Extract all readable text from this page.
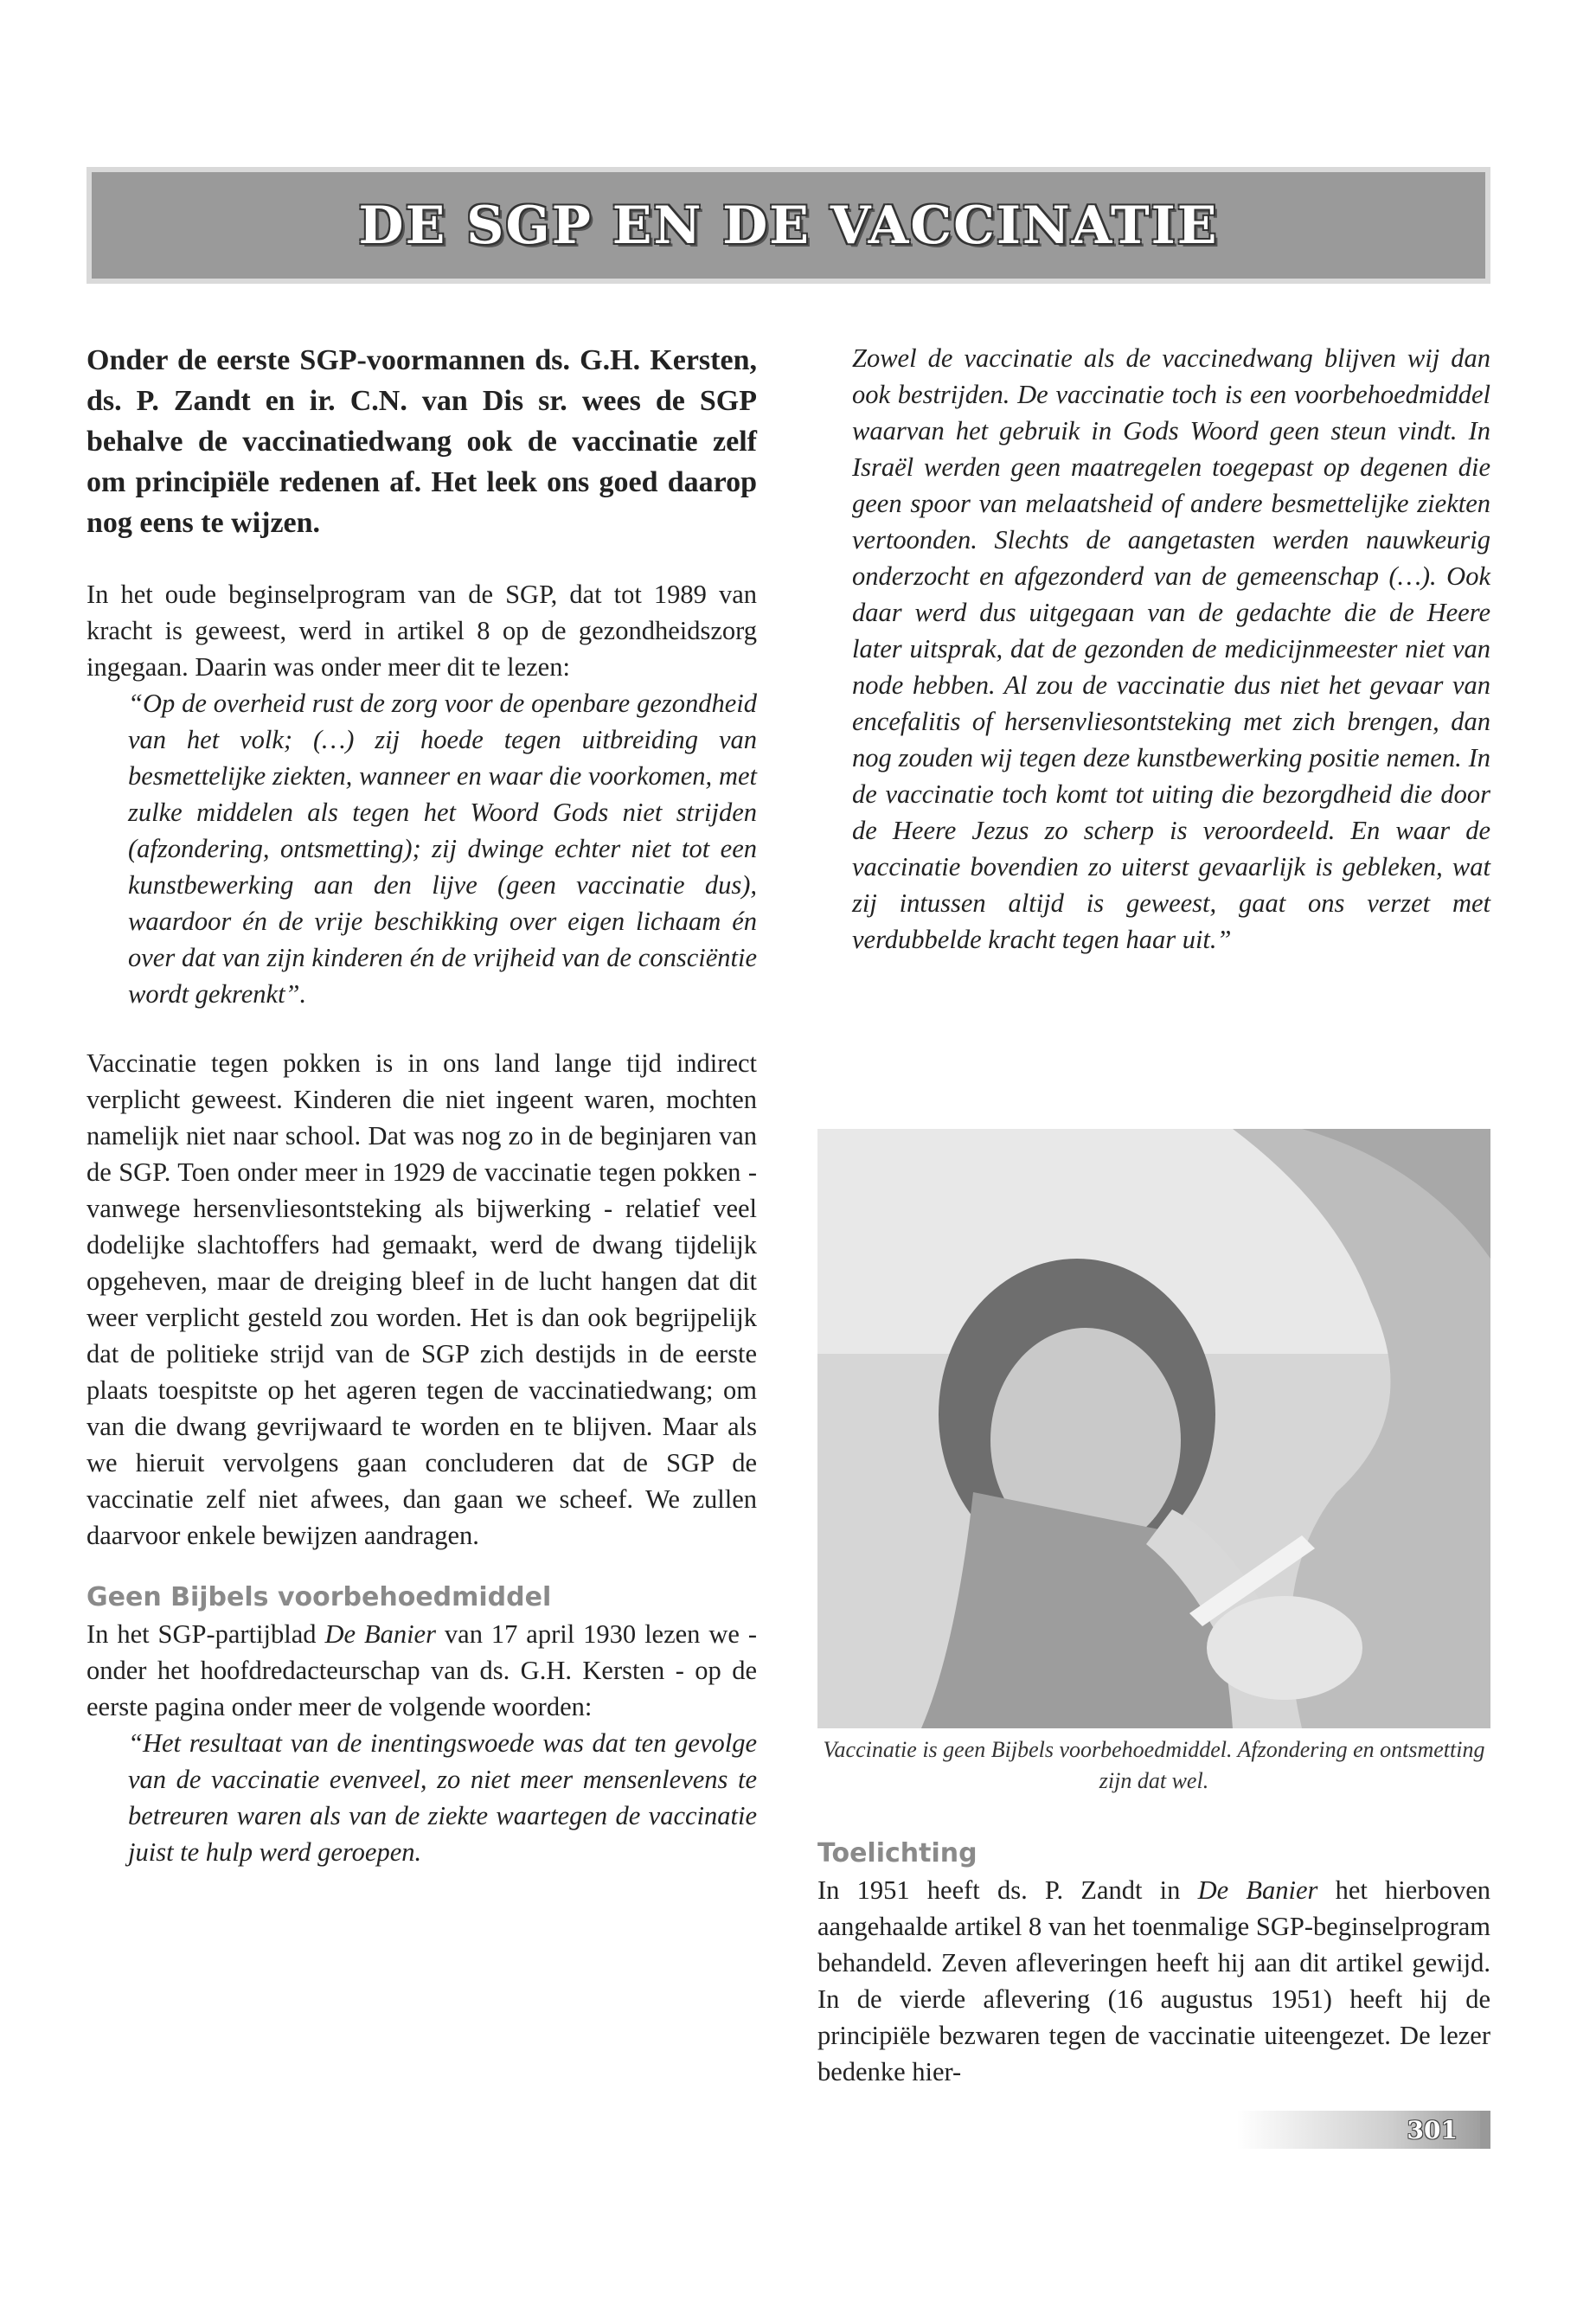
DE SGP EN DE VACCINATIE

Onder de eerste SGP-voormannen ds. G.H. Kersten, ds. P. Zandt en ir. C.N. van Dis sr. wees de SGP behalve de vaccinatiedwang ook de vaccinatie zelf om principiële redenen af. Het leek ons goed daarop nog eens te wijzen.

In het oude beginselprogram van de SGP, dat tot 1989 van kracht is geweest, werd in artikel 8 op de gezondheidszorg ingegaan. Daarin was onder meer dit te lezen:

“Op de overheid rust de zorg voor de openbare gezondheid van het volk; (…) zij hoede tegen uitbreiding van besmettelijke ziekten, wanneer en waar die voorkomen, met zulke middelen als tegen het Woord Gods niet strijden (afzondering, ontsmetting); zij dwinge echter niet tot een kunstbewerking aan den lijve (geen vaccinatie dus), waardoor én de vrije beschikking over eigen lichaam én over dat van zijn kinderen én de vrijheid van de consciëntie wordt gekrenkt”.

Vaccinatie tegen pokken is in ons land lange tijd indirect verplicht geweest. Kinderen die niet ingeent waren, mochten namelijk niet naar school. Dat was nog zo in de beginjaren van de SGP. Toen onder meer in 1929 de vaccinatie tegen pokken - vanwege hersenvliesontsteking als bijwerking - relatief veel dodelijke slachtoffers had gemaakt, werd de dwang tijdelijk opgeheven, maar de dreiging bleef in de lucht hangen dat dit weer verplicht gesteld zou worden. Het is dan ook begrijpelijk dat de politieke strijd van de SGP zich destijds in de eerste plaats toespitste op het ageren tegen de vaccinatiedwang; om van die dwang gevrijwaard te worden en te blijven. Maar als we hieruit vervolgens gaan concluderen dat de SGP de vaccinatie zelf niet afwees, dan gaan we scheef. We zullen daarvoor enkele bewijzen aandragen.

Geen Bijbels voorbehoedmiddel

In het SGP-partijblad De Banier van 17 april 1930 lezen we - onder het hoofdredacteurschap van ds. G.H. Kersten - op de eerste pagina onder meer de volgende woorden:

“Het resultaat van de inentingswoede was dat ten gevolge van de vaccinatie evenveel, zo niet meer mensenlevens te betreuren waren als van de ziekte waartegen de vaccinatie juist te hulp werd geroepen.

Zowel de vaccinatie als de vaccinedwang blijven wij dan ook bestrijden. De vaccinatie toch is een voorbehoedmiddel waarvan het gebruik in Gods Woord geen steun vindt. In Israël werden geen maatregelen toegepast op degenen die geen spoor van melaatsheid of andere besmettelijke ziekten vertoonden. Slechts de aangetasten werden nauwkeurig onderzocht en afgezonderd van de gemeenschap (…). Ook daar werd dus uitgegaan van de gedachte die de Heere later uitsprak, dat de gezonden de medicijnmeester niet van node hebben. Al zou de vaccinatie dus niet het gevaar van encefalitis of hersenvliesontsteking met zich brengen, dan nog zouden wij tegen deze kunstbewerking positie nemen. In de vaccinatie toch komt tot uiting die bezorgdheid die door de Heere Jezus zo scherp is veroordeeld. En waar de vaccinatie bovendien zo uiterst gevaarlijk is gebleken, wat zij intussen altijd is geweest, gaat ons verzet met verdubbelde kracht tegen haar uit.”

Vaccinatie is geen Bijbels voorbehoedmiddel. Afzondering en ontsmetting zijn dat wel.
Toelichting

In 1951 heeft ds. P. Zandt in De Banier het hierboven aangehaalde artikel 8 van het toenmalige SGP-beginselprogram behandeld. Zeven afleveringen heeft hij aan dit artikel gewijd. In de vierde aflevering (16 augustus 1951) heeft hij de principiële bezwaren tegen de vaccinatie uiteengezet. De lezer bedenke hier-

301
